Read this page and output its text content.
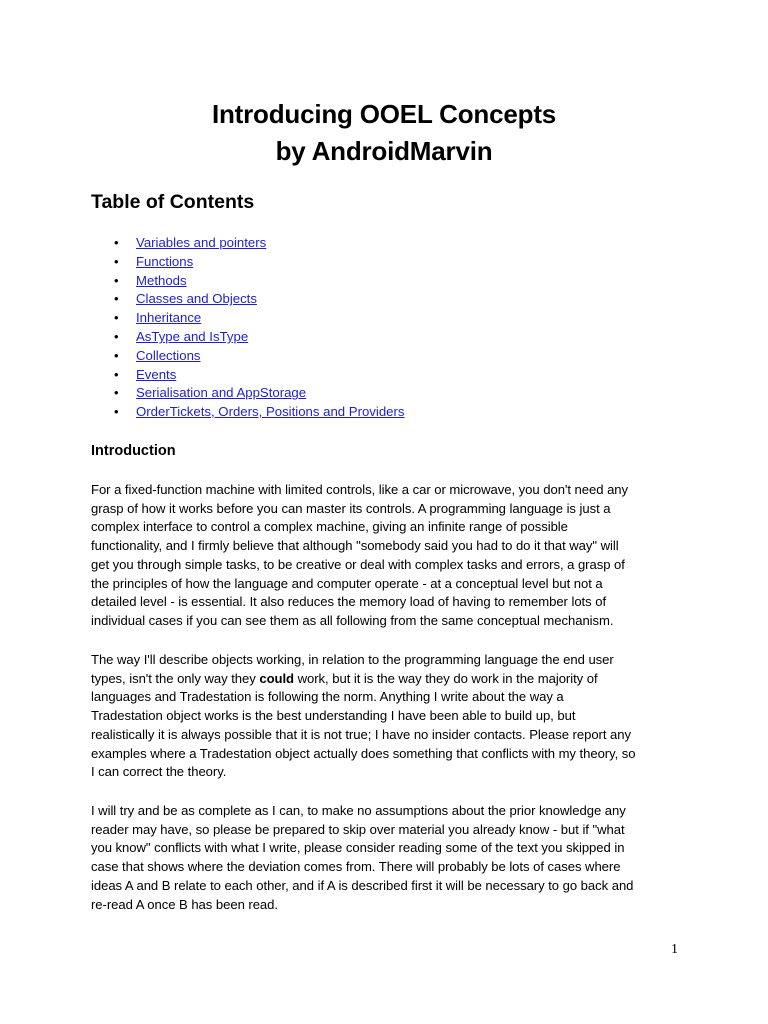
Introducing OOEL Concepts
by AndroidMarvin
Table of Contents
• Variables and pointers
• Functions
• Methods
• Classes and Objects
• Inheritance
• AsType and IsType
• Collections
• Events
• Serialisation and AppStorage
• OrderTickets, Orders, Positions and Providers
Introduction

For a fixed-function machine with limited controls, like a car or microwave, you don't need any
grasp of how it works before you can master its controls. A programming language is just a
complex interface to control a complex machine, giving an infinite range of possible
functionality, and I firmly believe that although "somebody said you had to do it that way" will
get you through simple tasks, to be creative or deal with complex tasks and errors, a grasp of
the principles of how the language and computer operate - at a conceptual level but not a
detailed level - is essential. It also reduces the memory load of having to remember lots of
individual cases if you can see them as all following from the same conceptual mechanism.

The way I'll describe objects working, in relation to the programming language the end user
types, isn't the only way they could work, but it is the way they do work in the majority of
languages and Tradestation is following the norm. Anything I write about the way a
Tradestation object works is the best understanding I have been able to build up, but
realistically it is always possible that it is not true; I have no insider contacts. Please report any
examples where a Tradestation object actually does something that conflicts with my theory, so
I can correct the theory.

I will try and be as complete as I can, to make no assumptions about the prior knowledge any
reader may have, so please be prepared to skip over material you already know - but if "what
you know" conflicts with what I write, please consider reading some of the text you skipped in
case that shows where the deviation comes from. There will probably be lots of cases where
ideas A and B relate to each other, and if A is described first it will be necessary to go back and
re-read A once B has been read.

1
